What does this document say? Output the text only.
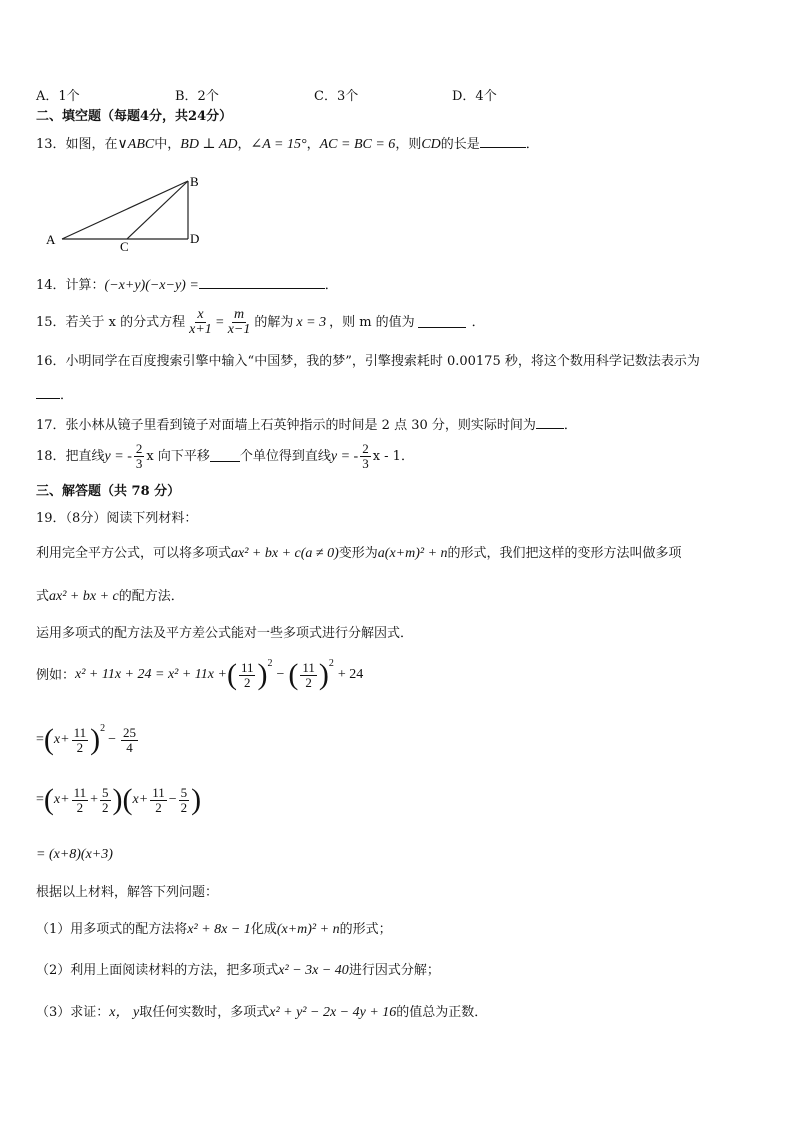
A．1个	B．2个	C．3个	D．4个
二、填空题（每题4分，共24分）
13．如图，在∨ABC中，BD ⊥ AD，∠A = 15°，AC = BC = 6，则CD的长是	．
A
B
C
D
14．计算：(−x+y)(−x−y) =	．
15．若关于 x 的分式方程 $\frac{x}{x+1} = \frac{m}{x-1}$ 的解为 x = 3 ，则 m 的值为	．
16．小明同学在百度搜索引擎中输入“中国梦，我的梦”，引擎搜索耗时 0.00175 秒，将这个数用科学记数法表示为
．
17．张小林从镜子里看到镜子对面墙上石英钟指示的时间是 2 点 30 分，则实际时间为 ．
18．把直线 y = - $\frac{2}{3}$ x 向下平移 个单位得到直线 y = - $\frac{2}{3}$ x - 1．
三、解答题（共 78 分）
19．（8分）阅读下列材料：
利用完全平方公式，可以将多项式ax² + bx + c(a ≠ 0)变形为a(x+m)² + n的形式，我们把这样的变形方法叫做多项
式ax² + bx + c的配方法．
运用多项式的配方法及平方差公式能对一些多项式进行分解因式．
例如： x² + 11x + 24 = x² + 11x + ( $\frac{11}{2}$ ) 2
− ( $\frac{11}{2}$ ) 2
+ 24
= ( $x+ \frac{11}{2}$ ) 2
− $\frac{25}{4}$
= ( $x+ \frac{11}{2} + \frac{5}{2}$ ) ( $x+ \frac{11}{2} - \frac{5}{2}$ )
= (x+8)(x+3)
根据以上材料，解答下列问题：
（1）用多项式的配方法将x² + 8x − 1化成(x+m)² + n的形式；
（2）利用上面阅读材料的方法，把多项式x² − 3x − 40进行因式分解；
（3）求证：x， y取任何实数时，多项式x² + y² − 2x − 4y + 16的值总为正数．
